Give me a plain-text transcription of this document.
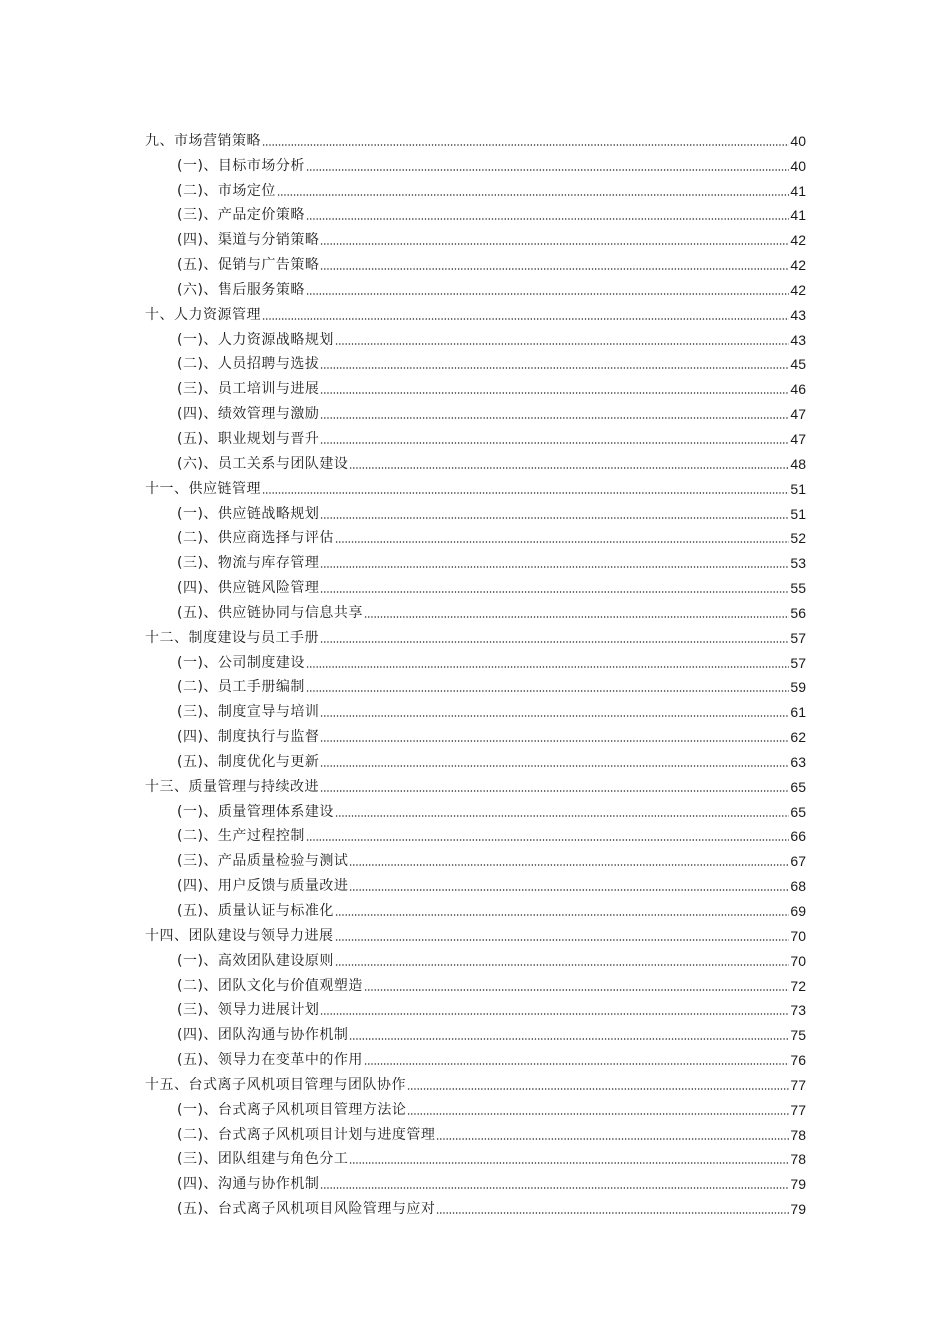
九、市场营销策略	40
(一)、目标市场分析	40
(二)、市场定位	41
(三)、产品定价策略	41
(四)、渠道与分销策略	42
(五)、促销与广告策略	42
(六)、售后服务策略	42
十、人力资源管理	43
(一)、人力资源战略规划	43
(二)、人员招聘与选拔	45
(三)、员工培训与进展	46
(四)、绩效管理与激励	47
(五)、职业规划与晋升	47
(六)、员工关系与团队建设	48
十一、供应链管理	51
(一)、供应链战略规划	51
(二)、供应商选择与评估	52
(三)、物流与库存管理	53
(四)、供应链风险管理	55
(五)、供应链协同与信息共享	56
十二、制度建设与员工手册	57
(一)、公司制度建设	57
(二)、员工手册编制	59
(三)、制度宣导与培训	61
(四)、制度执行与监督	62
(五)、制度优化与更新	63
十三、质量管理与持续改进	65
(一)、质量管理体系建设	65
(二)、生产过程控制	66
(三)、产品质量检验与测试	67
(四)、用户反馈与质量改进	68
(五)、质量认证与标准化	69
十四、团队建设与领导力进展	70
(一)、高效团队建设原则	70
(二)、团队文化与价值观塑造	72
(三)、领导力进展计划	73
(四)、团队沟通与协作机制	75
(五)、领导力在变革中的作用	76
十五、台式离子风机项目管理与团队协作	77
(一)、台式离子风机项目管理方法论	77
(二)、台式离子风机项目计划与进度管理	78
(三)、团队组建与角色分工	78
(四)、沟通与协作机制	79
(五)、台式离子风机项目风险管理与应对	79
